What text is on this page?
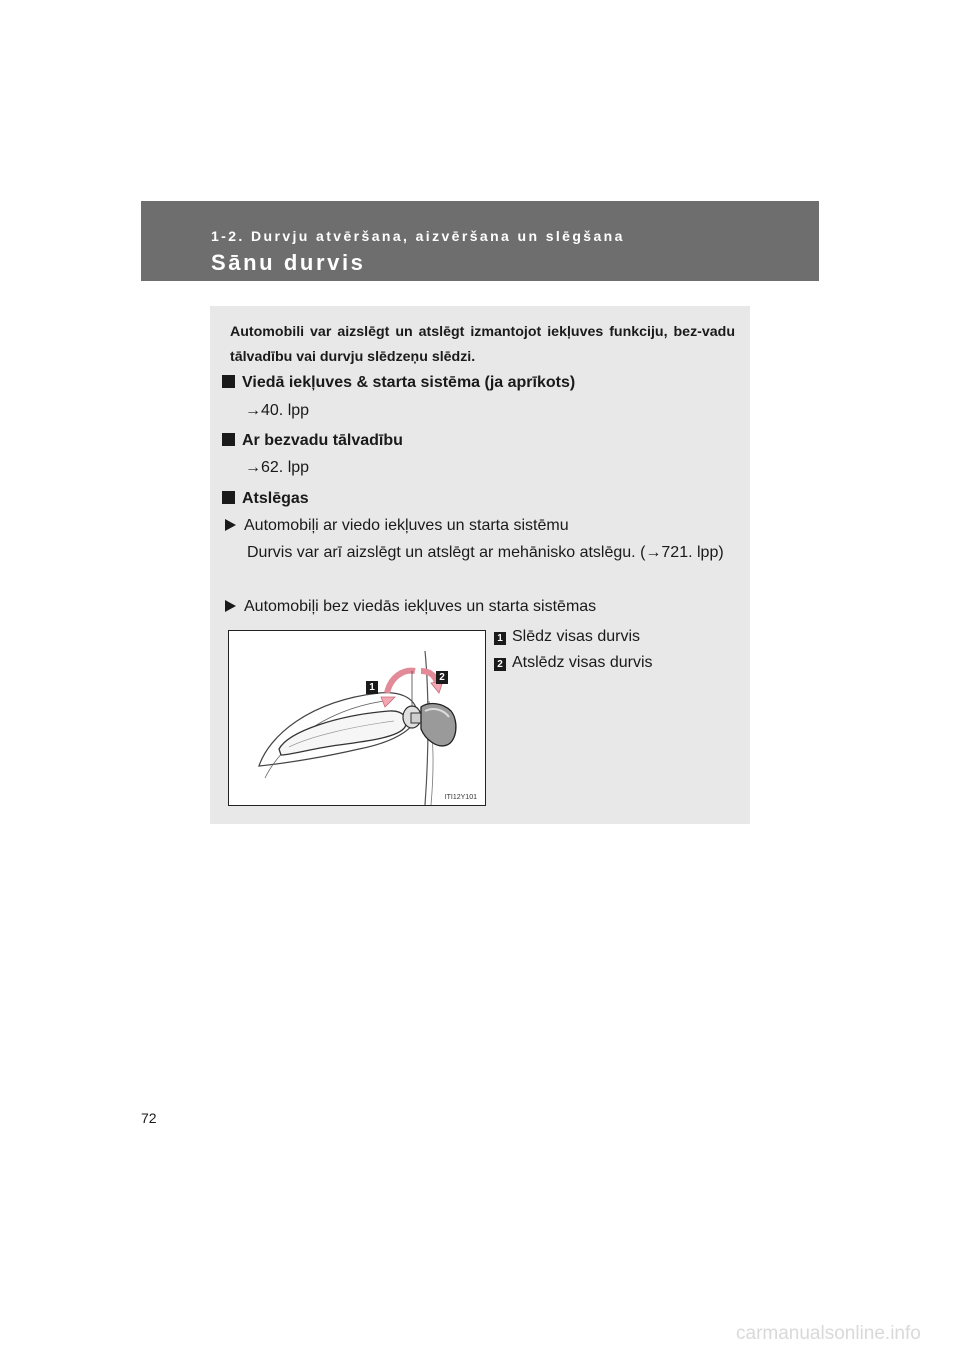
1-2. Durvju atvēršana, aizvēršana un slēgšana
Sānu durvis
Automobili var aizslēgt un atslēgt izmantojot iekļuves funkciju, bez-vadu tālvadību vai durvju slēdzeņu slēdzi.
Viedā iekļuves & starta sistēma (ja aprīkots)
→40. lpp
Ar bezvadu tālvadību
→62. lpp
Atslēgas
Automobiļi ar viedo iekļuves un starta sistēmu
Durvis var arī aizslēgt un atslēgt ar mehānisko atslēgu. (→721. lpp)
Automobiļi bez viedās iekļuves un starta sistēmas
1
2
ITI12Y101
1 Slēdz visas durvis
2 Atslēdz visas durvis
72
carmanualsonline.info
